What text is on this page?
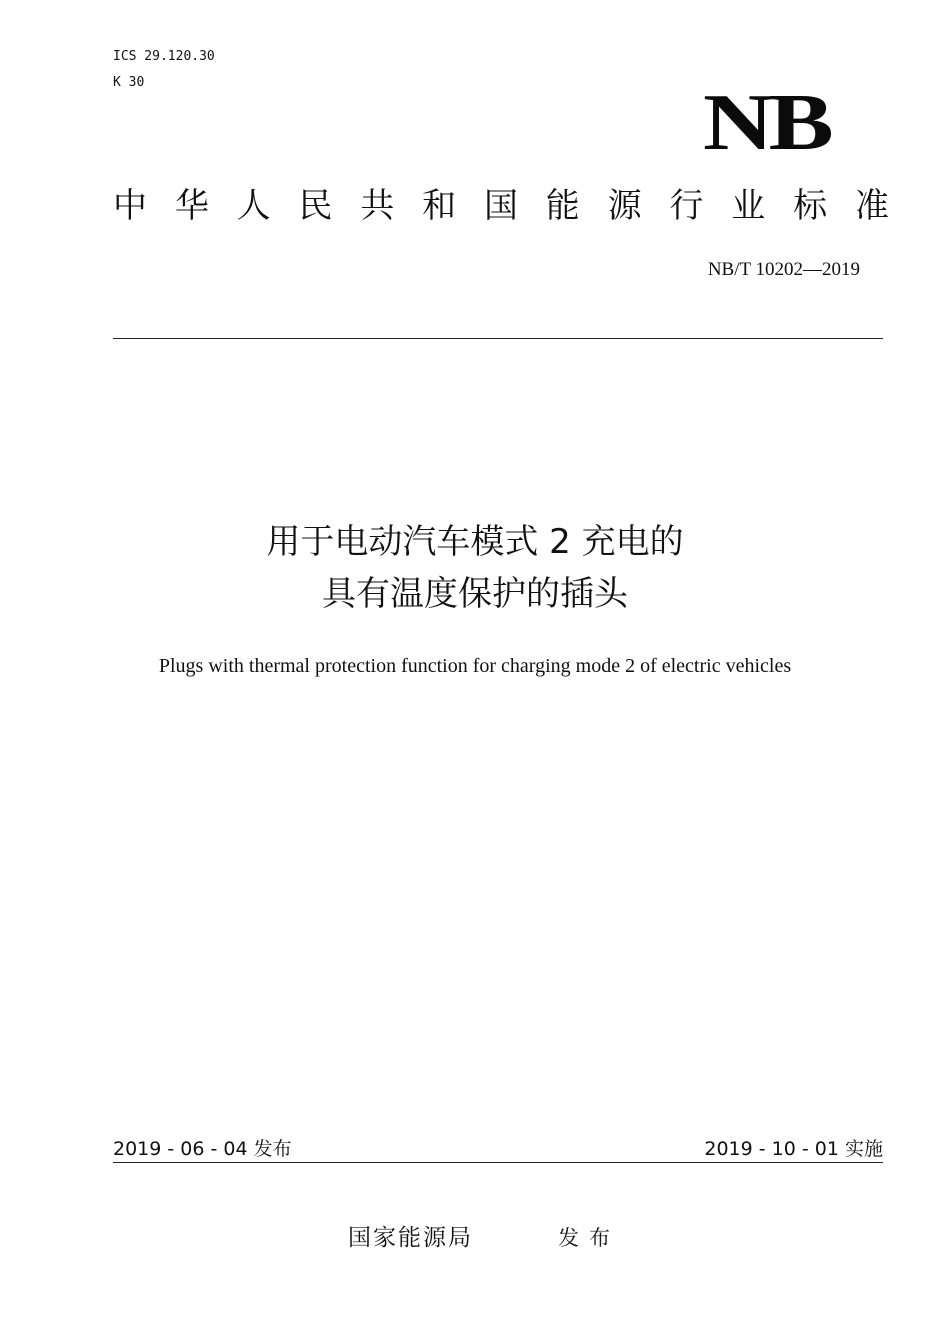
ICS 29.120.30
K 30	NB
中 华 人 民 共 和 国 能 源 行 业 标 准
NB/T 10202—2019
用于电动汽车模式 2 充电的
具有温度保护的插头
Plugs with thermal protection function for charging mode 2 of electric vehicles
2019 - 06 - 04 发布	2019 - 10 - 01 实施
国家能源局	发布
